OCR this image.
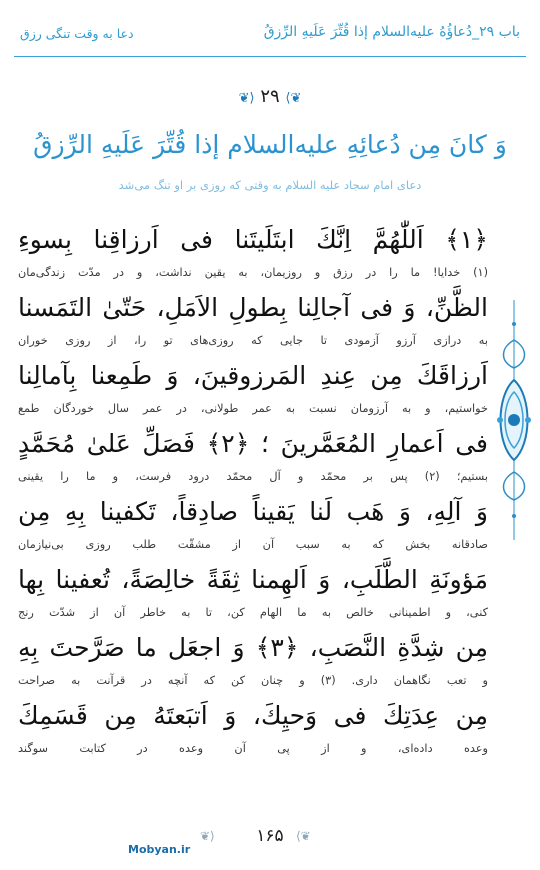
باب ۲۹_دُعاؤُهُ علیه‌السلام إذا قُتِّرَ عَلَیهِ الرِّزقُ
دعا به وقت تنگی رزق
❦⟩ ۲۹ ⟨❦
وَ كانَ مِن دُعائِهِ علیه‌السلام إذا قُتِّرَ عَلَيهِ الرِّزقُ
دعای امام سجاد علیه السلام به وقتی که روزی بر او تنگ می‌شد
﴿١﴾ اَللّٰهُمَّ اِنَّكَ ابتَلَيتَنا فى اَرزاقِنا بِسوءِ
(۱) خدایا! ما را در رزق و روزیمان، به یقین نداشت، و در مدّت زندگی‌مان
الظَّنِّ، وَ فى آجالِنا بِطولِ الاَمَلِ، حَتّىٰ التَمَسنا
به درازی آرزو آزمودی تا جایی که روزی‌های تو را، از روزی خوران
اَرزاقَكَ مِن عِندِ المَرزوقينَ، وَ طَمِعنا بِآمالِنا
خواستیم، و به آرزومان نسبت به عمر طولانی، در عمر سال خوردگان طمع
فى اَعمارِ المُعَمَّرينَ ؛ ﴿٢﴾ فَصَلِّ عَلىٰ مُحَمَّدٍ
بستیم؛ (۲) پس بر محمّد و آل محمّد درود فرست، و ما را یقینی
وَ آلِهِ، وَ هَب لَنا يَقيناً صادِقاً، تَكفينا بِهِ مِن
صادقانه بخش که به سبب آن از مشقّت طلب روزی بی‌نیازمان
مَؤونَةِ الطَّلَبِ، وَ اَلهِمنا ثِقَةً خالِصَةً، تُعفينا بِها
کنی، و اطمینانی خالص به ما الهام کن، تا به خاطر آن از شدّت رنج
مِن شِدَّةِ النَّصَبِ، ﴿٣﴾ وَ اجعَل ما صَرَّحتَ بِهِ
و تعب نگاهمان داری. (۳) و چنان کن که آنچه در قرآنت به صراحت
مِن عِدَتِكَ فى وَحيِكَ، وَ اَتبَعتَهُ مِن قَسَمِكَ
وعده داده‌ای، و از پی آن وعده در کتابت سوگند
⟨❦	۱۶۵	❦⟩
Mobyan.ir
